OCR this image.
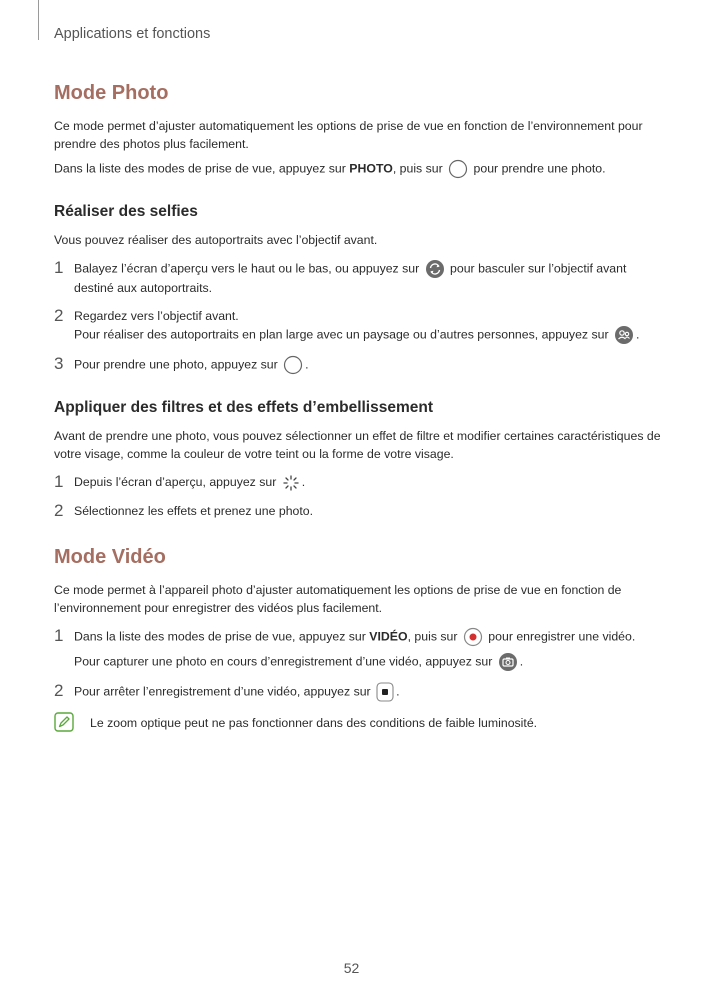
Applications et fonctions
Mode Photo

Ce mode permet d’ajuster automatiquement les options de prise de vue en fonction de l’environnement pour prendre des photos plus facilement.

Dans la liste des modes de prise de vue, appuyez sur PHOTO, puis sur
pour prendre une photo.

Réaliser des selfies

Vous pouvez réaliser des autoportraits avec l’objectif avant.

1 Balayez l’écran d’aperçu vers le haut ou le bas, ou appuyez sur
pour basculer sur l’objectif avant destiné aux autoportraits.
2 Regardez vers l’objectif avant.
Pour réaliser des autoportraits en plan large avec un paysage ou d’autres personnes, appuyez sur
.
3 Pour prendre une photo, appuyez sur
.
Appliquer des filtres et des effets d’embellissement

Avant de prendre une photo, vous pouvez sélectionner un effet de filtre et modifier certaines caractéristiques de votre visage, comme la couleur de votre teint ou la forme de votre visage.

1 Depuis l’écran d’aperçu, appuyez sur
.
2 Sélectionnez les effets et prenez une photo.
Mode Vidéo

Ce mode permet à l’appareil photo d’ajuster automatiquement les options de prise de vue en fonction de l’environnement pour enregistrer des vidéos plus facilement.

1 Dans la liste des modes de prise de vue, appuyez sur VIDÉO, puis sur
pour enregistrer une vidéo.
Pour capturer une photo en cours d’enregistrement d’une vidéo, appuyez sur
.
2 Pour arrêter l’enregistrement d’une vidéo, appuyez sur
.
Le zoom optique peut ne pas fonctionner dans des conditions de faible luminosité.
52
